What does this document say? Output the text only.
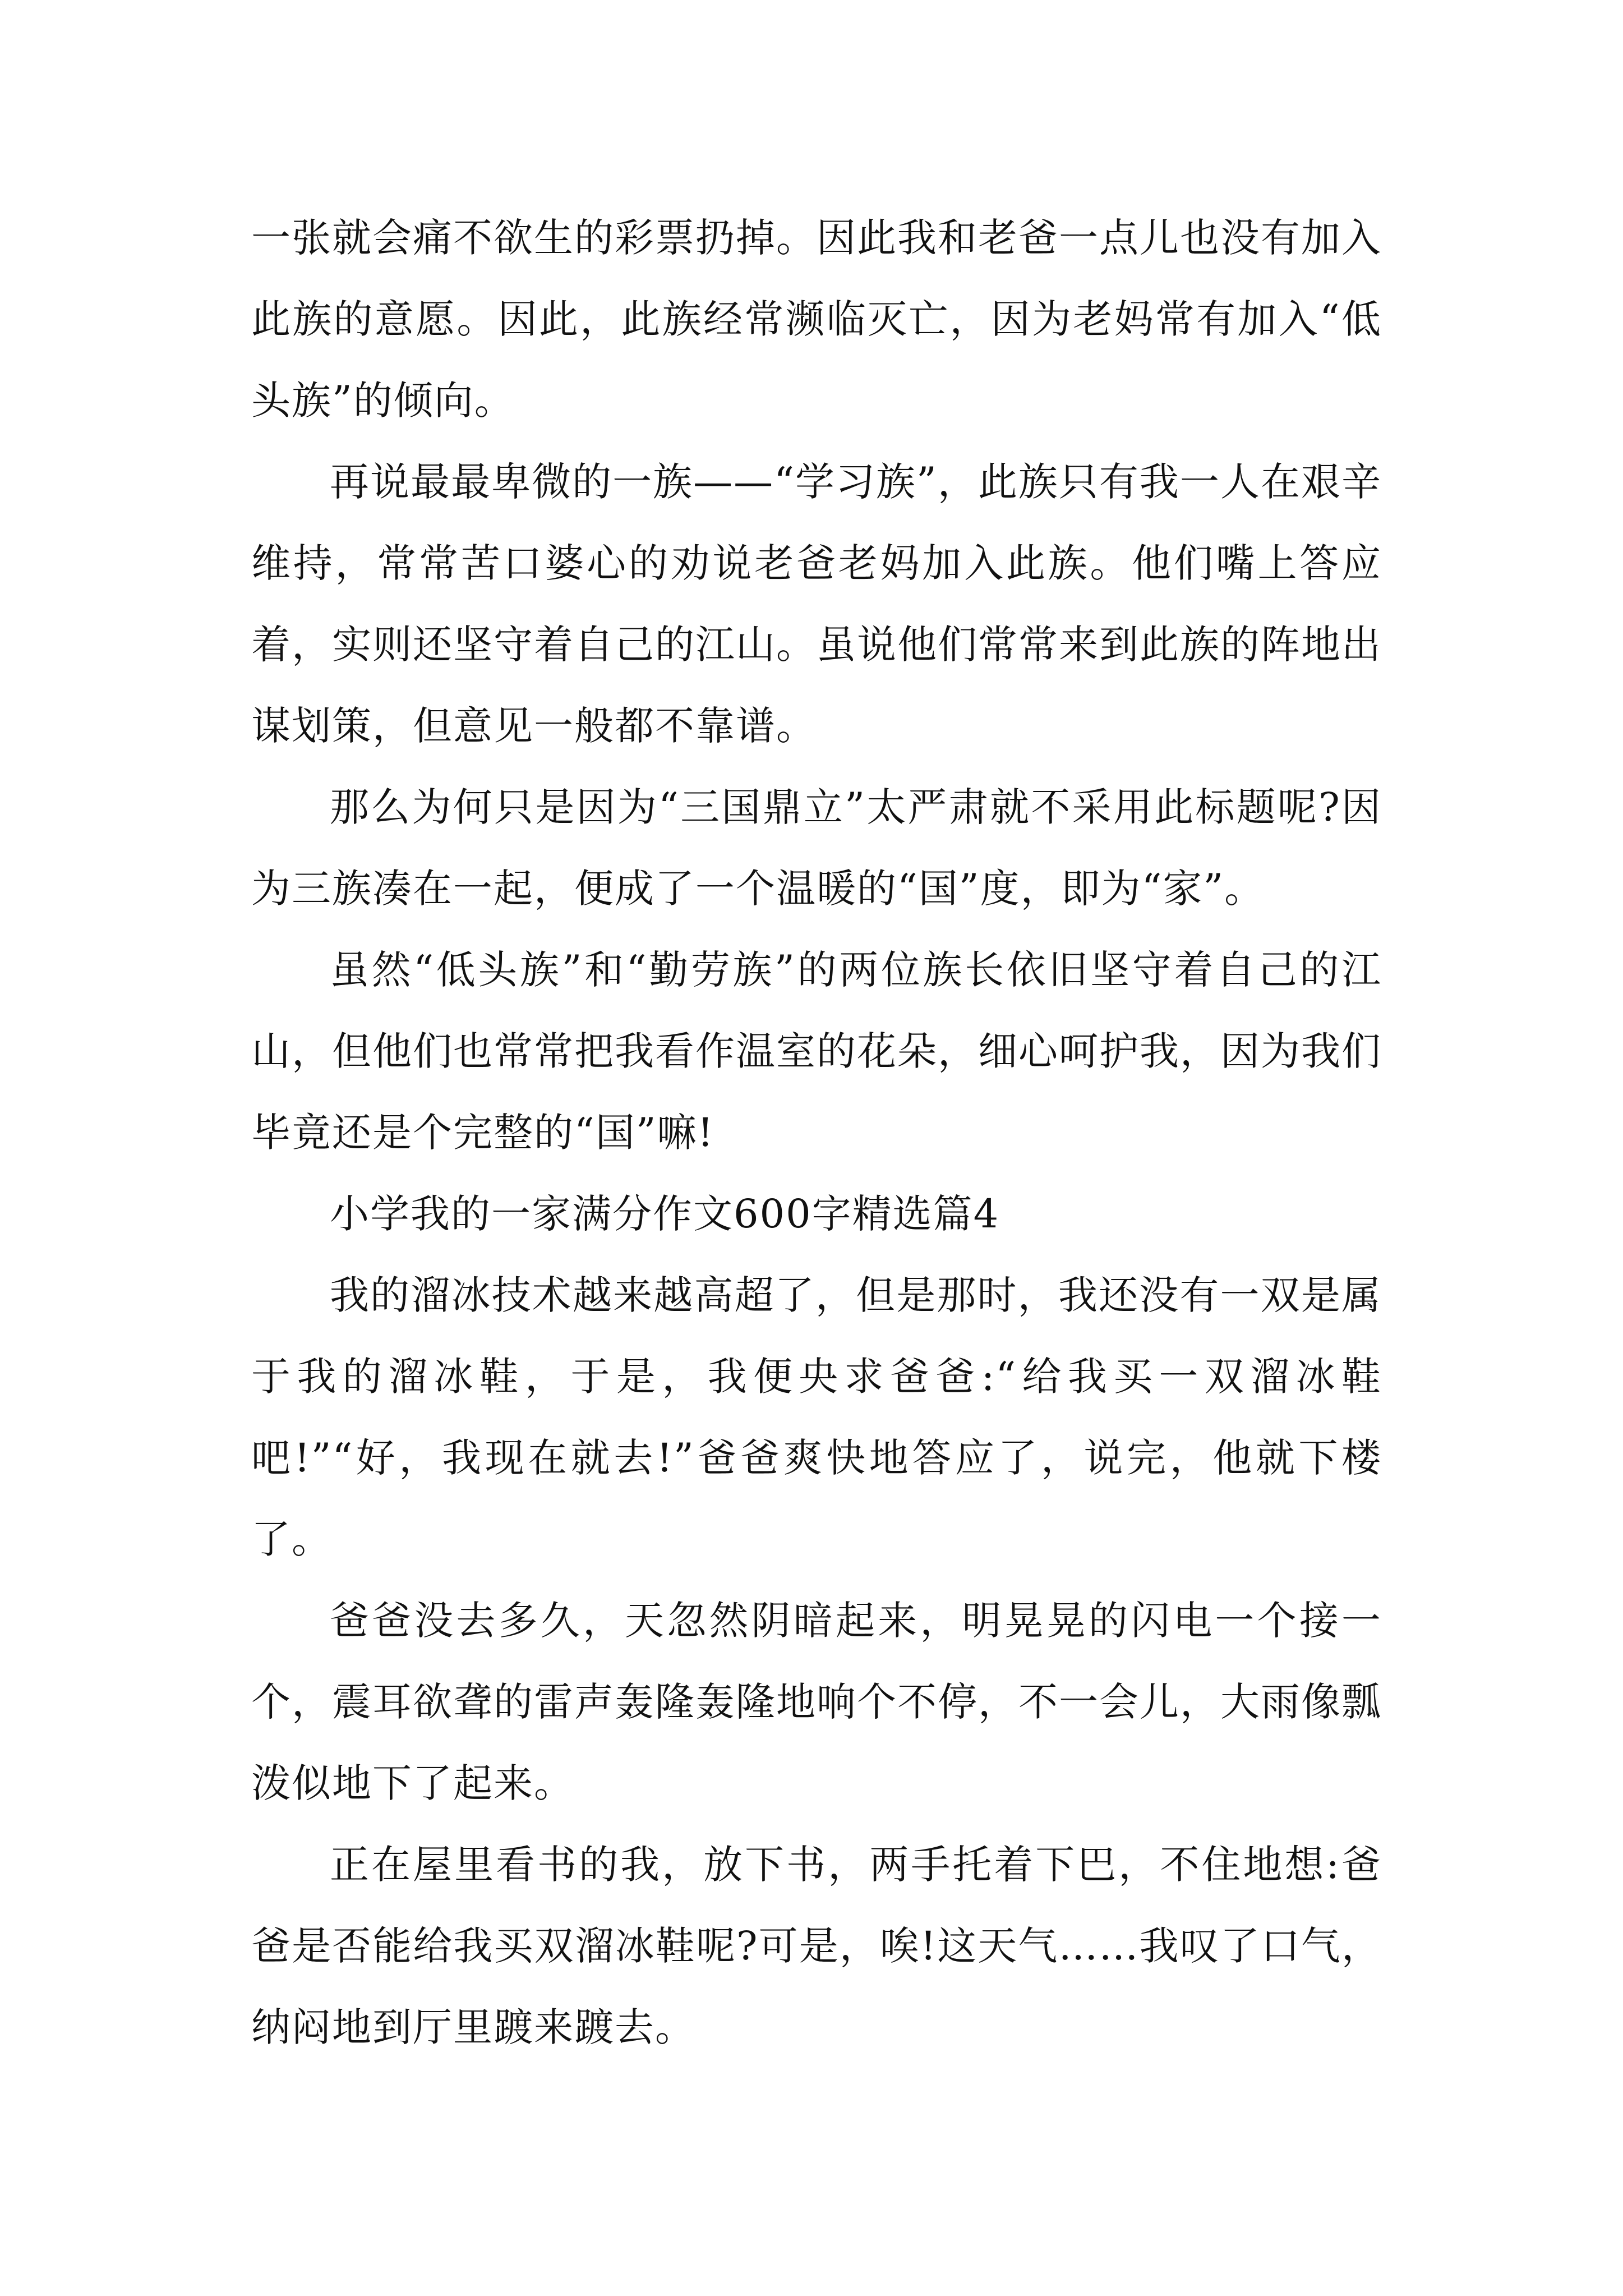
一张就会痛不欲生的彩票扔掉。因此我和老爸一点儿也没有加入此族的意愿。因此，此族经常濒临灭亡，因为老妈常有加入“低头族”的倾向。

再说最最卑微的一族——“学习族”，此族只有我一人在艰辛维持，常常苦口婆心的劝说老爸老妈加入此族。他们嘴上答应着，实则还坚守着自己的江山。虽说他们常常来到此族的阵地出谋划策，但意见一般都不靠谱。

那么为何只是因为“三国鼎立”太严肃就不采用此标题呢?因为三族凑在一起，便成了一个温暖的“国”度，即为“家”。

虽然“低头族”和“勤劳族”的两位族长依旧坚守着自己的江山，但他们也常常把我看作温室的花朵，细心呵护我，因为我们毕竟还是个完整的“国”嘛!

小学我的一家满分作文600字精选篇4

我的溜冰技术越来越高超了，但是那时，我还没有一双是属于我的溜冰鞋，于是，我便央求爸爸:“给我买一双溜冰鞋吧!”“好，我现在就去!”爸爸爽快地答应了，说完，他就下楼了。

爸爸没去多久，天忽然阴暗起来，明晃晃的闪电一个接一个，震耳欲聋的雷声轰隆轰隆地响个不停，不一会儿，大雨像瓢泼似地下了起来。

正在屋里看书的我，放下书，两手托着下巴，不住地想:爸爸是否能给我买双溜冰鞋呢?可是，唉!这天气……我叹了口气，纳闷地到厅里踱来踱去。
